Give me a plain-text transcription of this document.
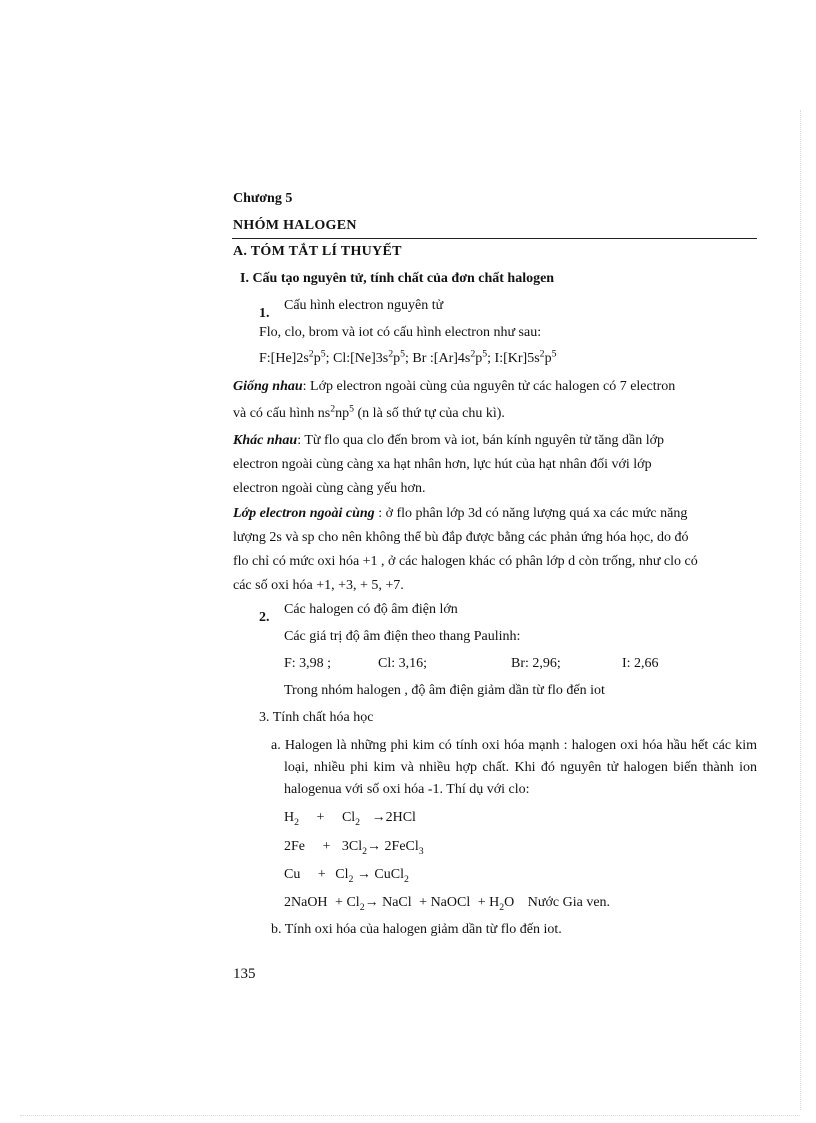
Chương 5
NHÓM HALOGEN
A. TÓM TẮT LÍ THUYẾT
I. Cấu tạo nguyên tử, tính chất của đơn chất halogen
1.
Cấu hình electron nguyên tử
Flo, clo, brom và iot có cấu hình electron như sau:
$F:[He]2s^2p^5$; $Cl:[Ne]3s^2p^5$; Br $:[Ar]4s^2p^5$; $I:[Kr]5s^2p^5$
Giống nhau: Lớp electron ngoài cùng của nguyên tử các halogen có 7 electron
và có cấu hình $ns^2np^5$ (n là số thứ tự của chu kì).
Khác nhau: Từ flo qua clo đến brom và iot, bán kính nguyên tử tăng dần lớp
electron ngoài cùng càng xa hạt nhân hơn, lực hút của hạt nhân đối với lớp
electron ngoài cùng càng yếu hơn.
Lớp electron ngoài cùng : ở flo phân lớp 3d có năng lượng quá xa các mức năng
lượng 2s và sp cho nên không thể bù đắp được bằng các phản ứng hóa học, do đó
flo chỉ có mức oxi hóa +1 , ở các halogen khác có phân lớp d còn trống, như clo có
các số oxi hóa +1, +3, + 5, +7.
2.
Các halogen có độ âm điện lớn
Các giá trị độ âm điện theo thang Paulinh:
F: 3,98 ;	Cl: 3,16;	Br: 2,96;	I: 2,66
Trong nhóm halogen , độ âm điện giảm dần từ flo đến iot
3. Tính chất hóa học
a. Halogen là những phi kim có tính oxi hóa mạnh : halogen oxi hóa hầu hết các kim loại, nhiều phi kim và nhiều hợp chất. Khi đó nguyên tử halogen biến thành ion halogenua với số oxi hóa -1. Thí dụ với clo:
$H_2 + Cl_2 \to 2HCl$
$2Fe + 3Cl_2\to$ 2FeCl$_3$
$Cu + Cl_2$ → CuCl$_2$
2NaOH + $Cl_2\to$ NaCl + NaOCl + $H_2O$ Nước Gia ven.
b. Tính oxi hóa của halogen giảm dần từ flo đến iot.
135
